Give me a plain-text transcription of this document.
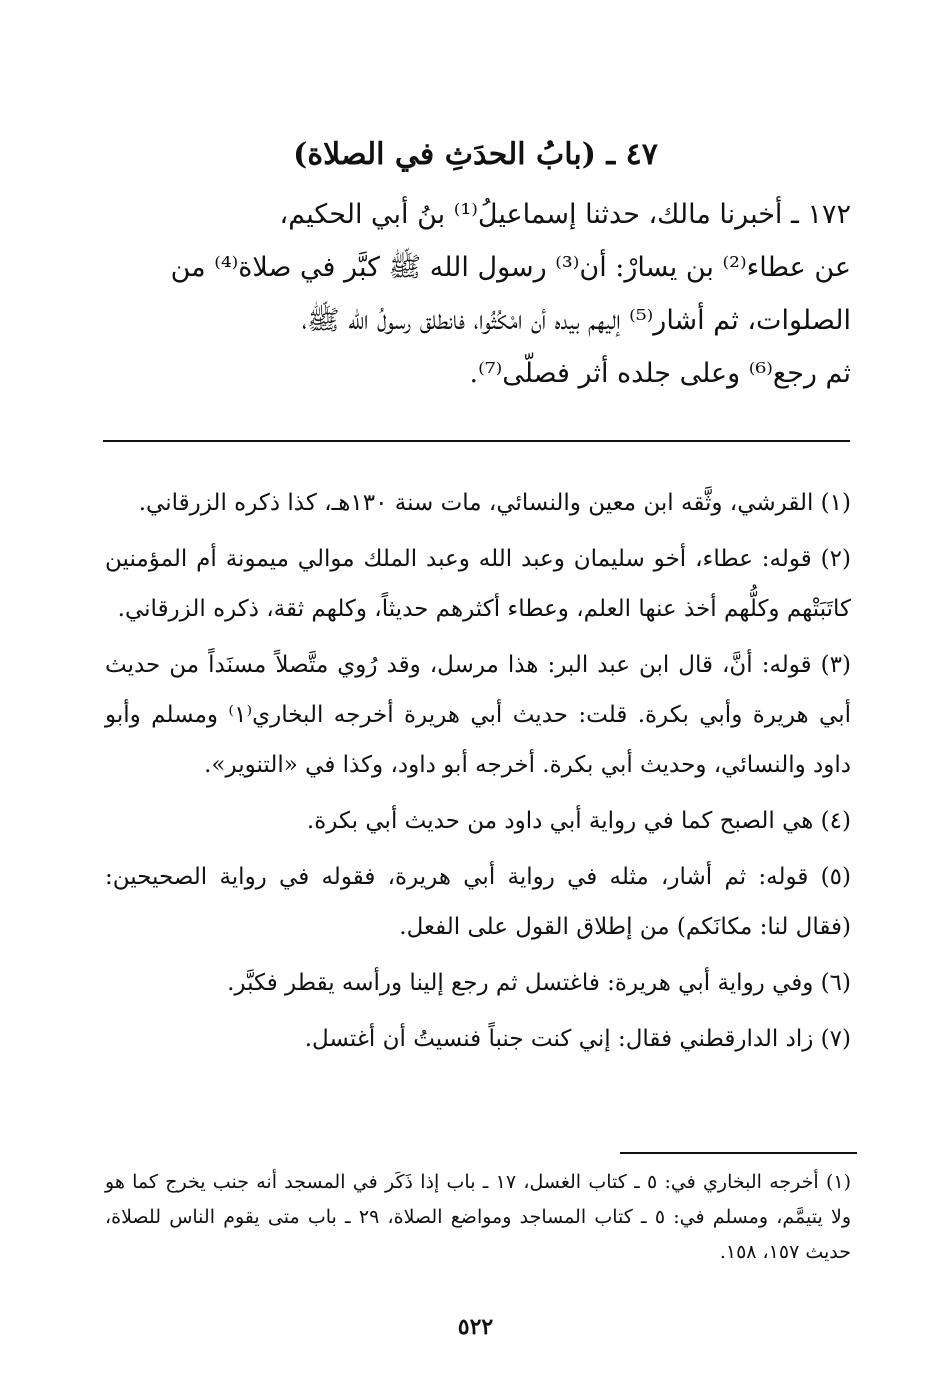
٤٧ ـ (بابُ الحدَثِ في الصلاة)

١٧٢ ـ أخبرنا مالك، حدثنا إسماعيلُ⁽¹⁾ بنُ أبي الحكيم،

عن عطاء⁽²⁾ بن يسارْ: أن⁽³⁾ رسول الله ﷺ كبَّر في صلاة⁽⁴⁾ من

الصلوات، ثم أشار⁽⁵⁾ إليهم بيده أن امْكُثُوا، فانطلق رسولُ الله ﷺ،

ثم رجع⁽⁶⁾ وعلى جلده أثر فصلّى⁽⁷⁾.

(١) القرشي، وثَّقه ابن معين والنسائي، مات سنة ١٣٠هـ، كذا ذكره الزرقاني.

(٢) قوله: عطاء، أخو سليمان وعبد الله وعبد الملك موالي ميمونة أم المؤمنين كاتَبَتْهم وكلُّهم أخذ عنها العلم، وعطاء أكثرهم حديثاً، وكلهم ثقة، ذكره الزرقاني.

(٣) قوله: أنَّ، قال ابن عبد البر: هذا مرسل، وقد رُوي متَّصلاً مسنَداً من حديث أبي هريرة وأبي بكرة. قلت: حديث أبي هريرة أخرجه البخاري⁽١⁾ ومسلم وأبو داود والنسائي، وحديث أبي بكرة. أخرجه أبو داود، وكذا في «التنوير».

(٤) هي الصبح كما في رواية أبي داود من حديث أبي بكرة.

(٥) قوله: ثم أشار، مثله في رواية أبي هريرة، فقوله في رواية الصحيحين: (فقال لنا: مكانَكم) من إطلاق القول على الفعل.

(٦) وفي رواية أبي هريرة: فاغتسل ثم رجع إلينا ورأسه يقطر فكبَّر.

(٧) زاد الدارقطني فقال: إني كنت جنباً فنسيتُ أن أغتسل.

(١) أخرجه البخاري في: ٥ ـ كتاب الغسل، ١٧ ـ باب إذا ذَكَر في المسجد أنه جنب يخرج كما هو ولا يتيمَّم، ومسلم في: ٥ ـ كتاب المساجد ومواضع الصلاة، ٢٩ ـ باب متى يقوم الناس للصلاة، حديث ١٥٧، ١٥٨.

٥٢٢
